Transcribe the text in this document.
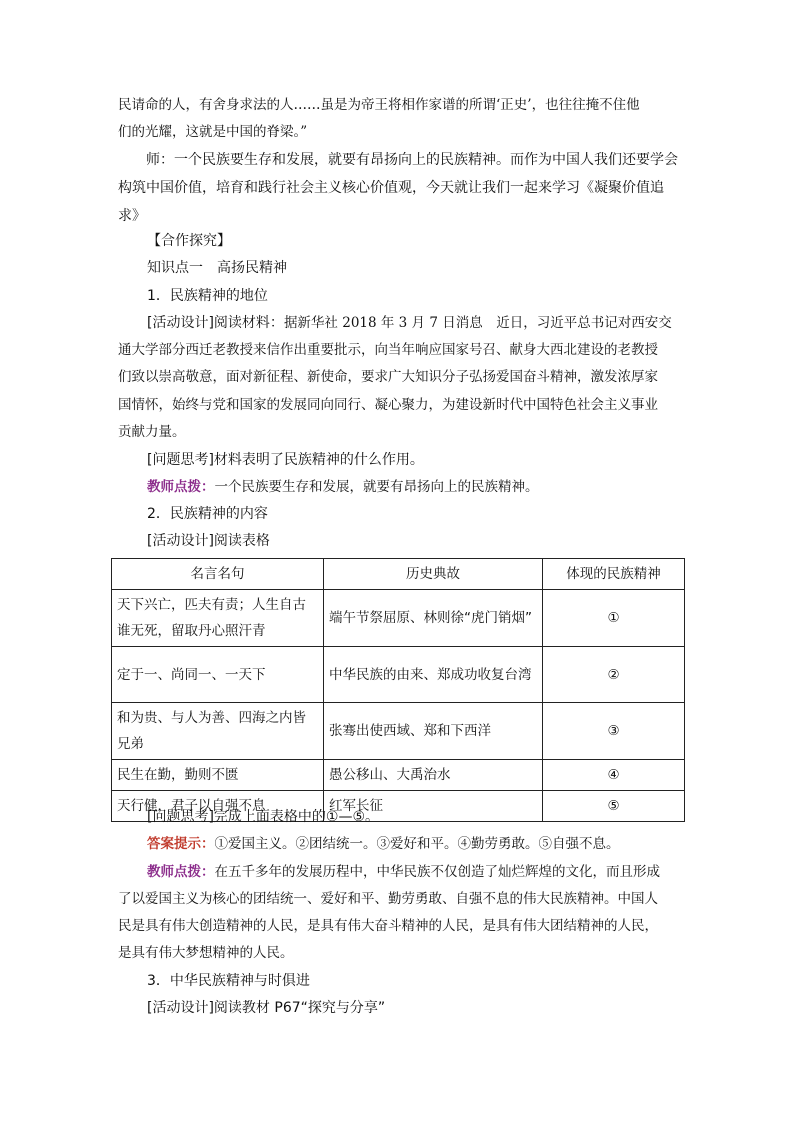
民请命的人，有舍身求法的人……虽是为帝王将相作家谱的所谓‘正史’，也往往掩不住他
们的光耀，这就是中国的脊梁。”
师：一个民族要生存和发展，就要有昂扬向上的民族精神。而作为中国人我们还要学会构筑中国价值，培育和践行社会主义核心价值观，今天就让我们一起来学习《凝聚价值追求》
【合作探究】
知识点一　高扬民精神
1．民族精神的地位
[活动设计]阅读材料：据新华社 2018 年 3 月 7 日消息　近日，习近平总书记对西安交
通大学部分西迁老教授来信作出重要批示，向当年响应国家号召、献身大西北建设的老教授
们致以崇高敬意，面对新征程、新使命，要求广大知识分子弘扬爱国奋斗精神，激发浓厚家
国情怀，始终与党和国家的发展同向同行、凝心聚力，为建设新时代中国特色社会主义事业
贡献力量。
[问题思考]材料表明了民族精神的什么作用。
教师点拨：一个民族要生存和发展，就要有昂扬向上的民族精神。
2．民族精神的内容
[活动设计]阅读表格
名言名句	历史典故	体现的民族精神
天下兴亡，匹夫有责；人生自古谁无死，留取丹心照汗青	端午节祭屈原、林则徐“虎门销烟”	①
定于一、尚同一、一天下	中华民族的由来、郑成功收复台湾	②
和为贵、与人为善、四海之内皆兄弟	张骞出使西域、郑和下西洋	③
民生在勤，勤则不匮	愚公移山、大禹治水	④
天行健，君子以自强不息	红军长征	⑤
[问题思考]完成上面表格中的①—⑤。
答案提示：①爱国主义。②团结统一。③爱好和平。④勤劳勇敢。⑤自强不息。
教师点拨：在五千多年的发展历程中，中华民族不仅创造了灿烂辉煌的文化，而且形成
了以爱国主义为核心的团结统一、爱好和平、勤劳勇敢、自强不息的伟大民族精神。中国人
民是具有伟大创造精神的人民，是具有伟大奋斗精神的人民，是具有伟大团结精神的人民，
是具有伟大梦想精神的人民。
3．中华民族精神与时俱进
[活动设计]阅读教材 P67“探究与分享”
